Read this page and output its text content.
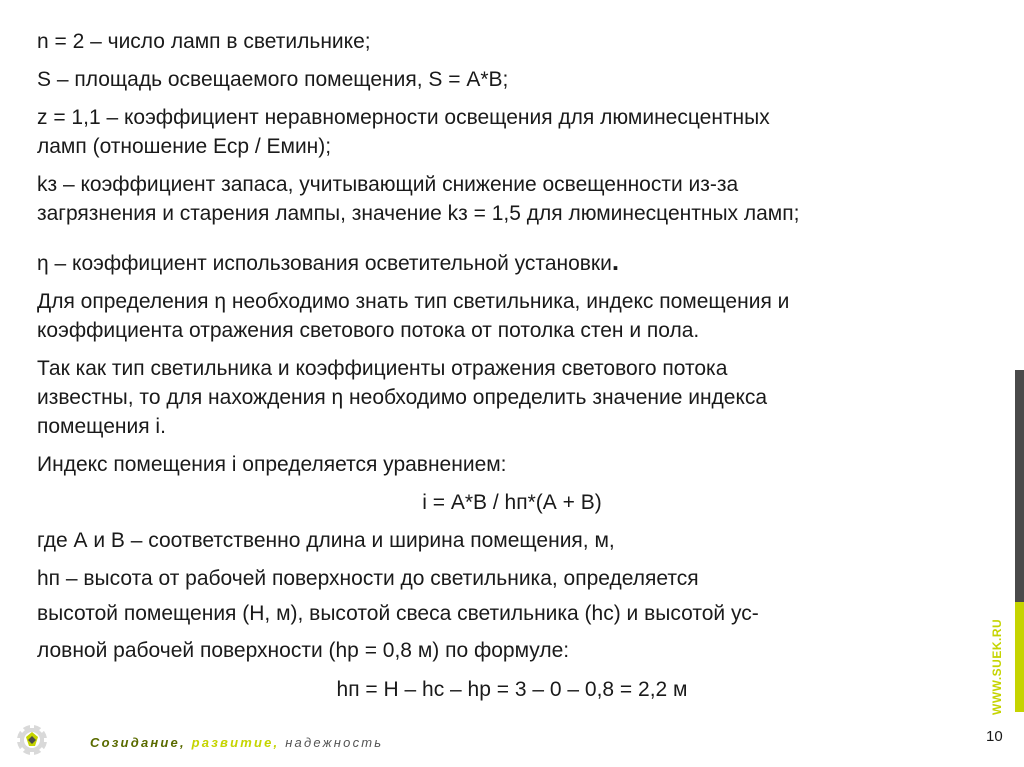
n = 2 – число ламп в светильнике;
S – площадь освещаемого помещения, S = А*В;
z = 1,1 – коэффициент неравномерности освещения для люминесцентных
ламп (отношение Еср / Емин);
kз – коэффициент запаса, учитывающий снижение освещенности из-за
загрязнения и старения лампы, значение kз = 1,5 для люминесцентных ламп;
η – коэффициент использования осветительной установки.
Для определения η необходимо знать тип светильника, индекс помещения и
коэффициента отражения светового потока от потолка стен и пола.
Так как тип светильника и коэффициенты отражения светового потока
известны, то для нахождения η необходимо определить значение индекса
помещения i.
Индекс помещения i определяется уравнением:
i = А*В / hп*(А + В)
где А и В – соответственно длина и ширина помещения, м,
hп – высота от рабочей поверхности до светильника, определяется
высотой помещения (Н, м), высотой свеса светильника (hс) и высотой ус-
ловной рабочей поверхности (hр = 0,8 м) по формуле:
hп = H – hс – hр = 3 – 0 – 0,8 = 2,2 м	WWW.SUEK.RU
10
Созидание, развитие, надежность
